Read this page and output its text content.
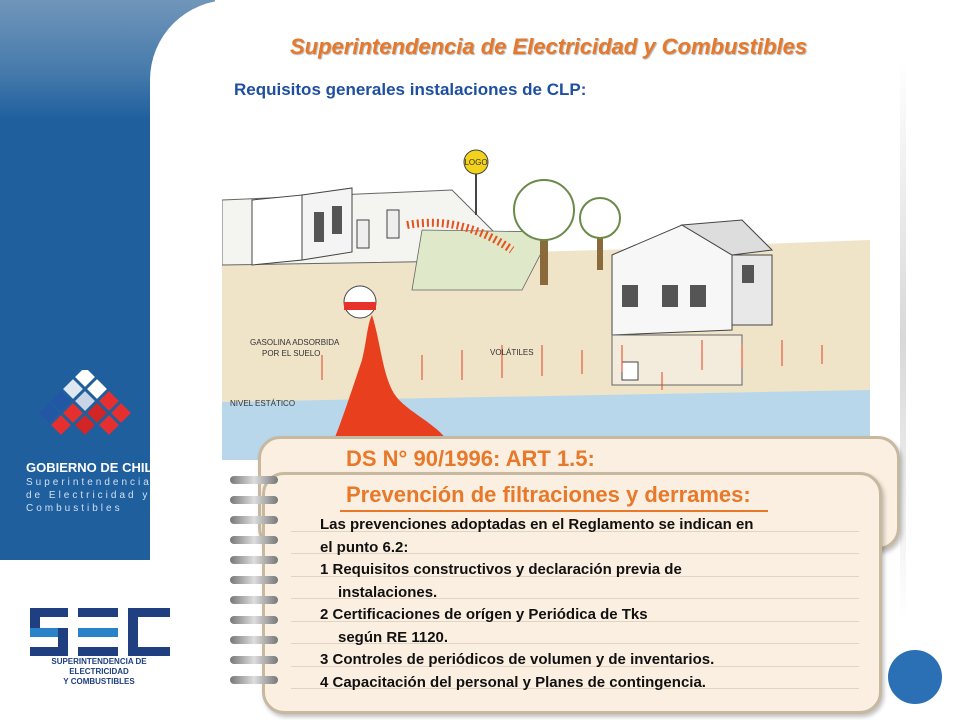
GOBIERNO DE CHILE
Superintendencia
de Electricidad y
Combustibles
Superintendencia de Electricidad y Combustibles
Requisitos generales instalaciones de CLP:
LOGO
GASOLINA ADSORBIDA
POR EL SUELO	VOLÁTILES
NIVEL ESTÁTICO
DS N° 90/1996: ART 1.5:
Prevención de filtraciones y derrames:

Las prevenciones adoptadas en el Reglamento se indican en

el punto 6.2:

1 Requisitos constructivos y declaración previa de

instalaciones.

2 Certificaciones de orígen y Periódica de Tks

según RE 1120.

3 Controles de periódicos de volumen y de inventarios.

4 Capacitación del personal y Planes de contingencia.

SUPERINTENDENCIA DE ELECTRICIDAD
Y COMBUSTIBLES
